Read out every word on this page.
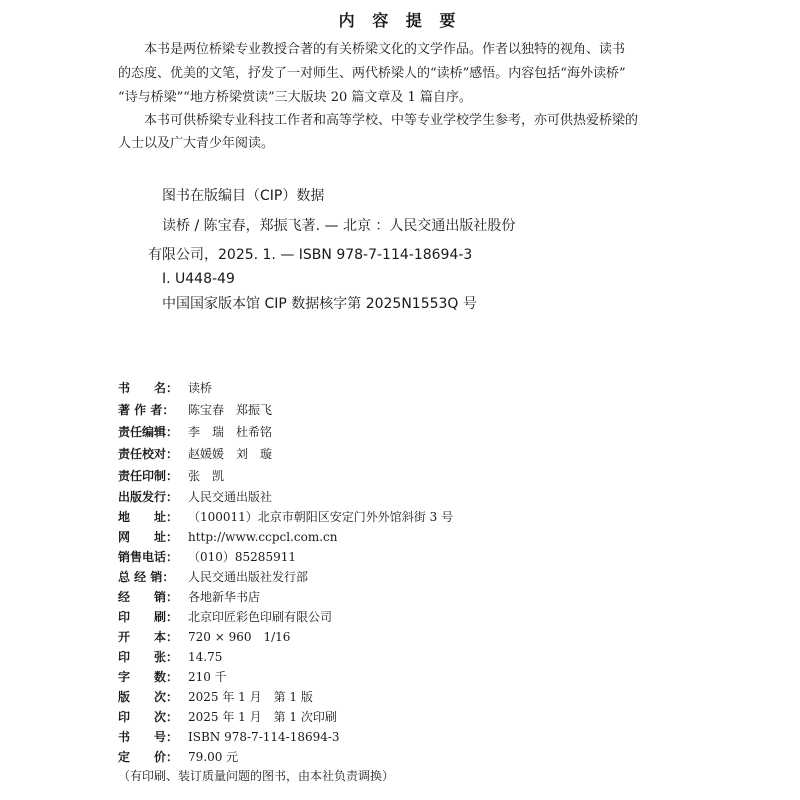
内 容 提 要
　　本书是两位桥梁专业教授合著的有关桥梁文化的文学作品。作者以独特的视角、读书
的态度、优美的文笔，抒发了一对师生、两代桥梁人的“读桥”感悟。内容包括“海外读桥”
“诗与桥梁”“地方桥梁赏读”三大版块 20 篇文章及 1 篇自序。
　　本书可供桥梁专业科技工作者和高等学校、中等专业学校学生参考，亦可供热爱桥梁的
人士以及广大青少年阅读。
图书在版编目（CIP）数据
　读桥 / 陈宝春，郑振飞著. — 北京 ：人民交通出版社股份
有限公司，2025. 1. — ISBN 978-7-114-18694-3
　Ⅰ. U448-49
　中国国家版本馆 CIP 数据核字第 2025N1553Q 号
书　　名： 读桥
著 作 者： 陈宝春　郑振飞
责任编辑： 李　瑞　杜希铭
责任校对： 赵媛媛　刘　璇
责任印制： 张　凯
出版发行： 人民交通出版社
地　　址： （100011）北京市朝阳区安定门外外馆斜街 3 号
网　　址： http://www.ccpcl.com.cn
销售电话： （010）85285911
总 经 销： 人民交通出版社发行部
经　　销： 各地新华书店
印　　刷： 北京印匠彩色印刷有限公司
开　　本： 720 × 960　1/16
印　　张： 14.75
字　　数： 210 千
版　　次： 2025 年 1 月　第 1 版
印　　次： 2025 年 1 月　第 1 次印刷
书　　号： ISBN 978-7-114-18694-3
（有印刷、装订质量问题的图书，由本社负责调换）
定　　价： 79.00 元
